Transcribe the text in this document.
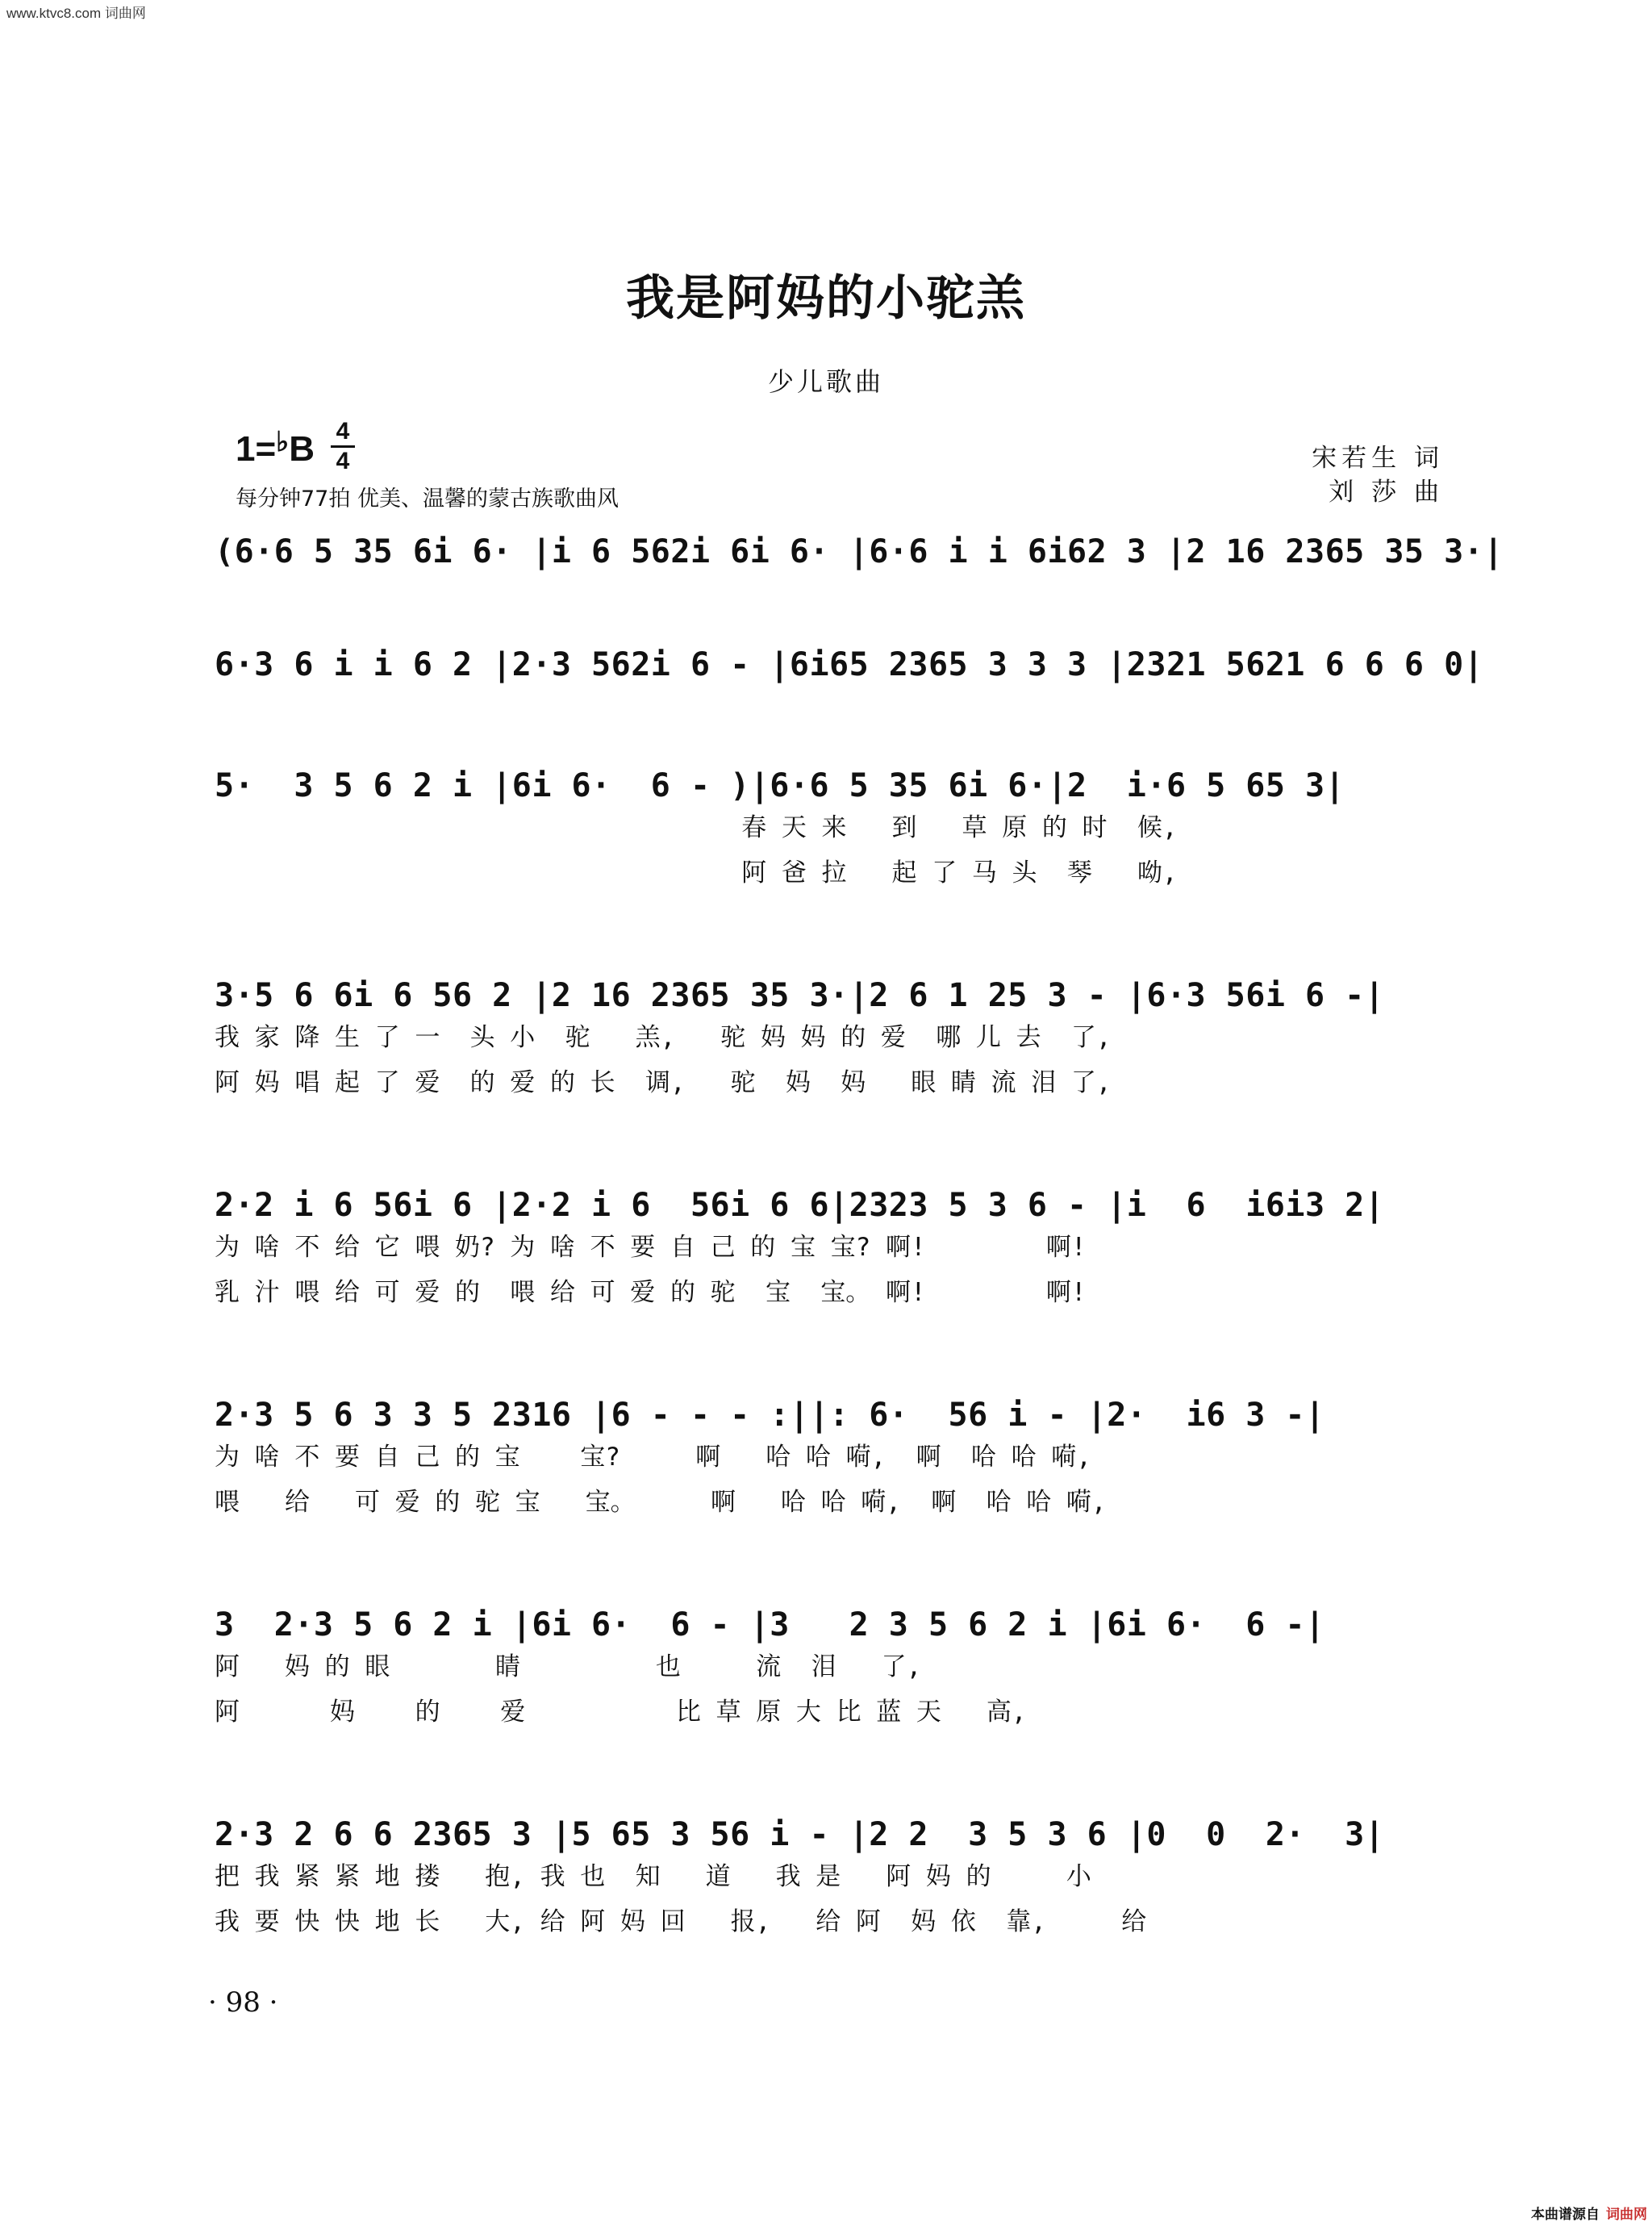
www.ktvc8.com 词曲网
我是阿妈的小驼羔
少儿歌曲
1=♭B 4
4
每分钟77拍 优美、温馨的蒙古族歌曲风
宋若生 词
刘 莎 曲

(6·6 5 35 6i 6· |i 6 562i 6i 6· |6·6 i i 6i62 3 |2 16 2365 35 3·|

6·3 6 i i 6 2 |2·3 562i 6 - |6i65 2365 3 3 3 |2321 5621 6 6 6 0|

5·  3 5 6 2 i |6i 6·  6 - )|6·6 5 35 6i 6·|2  i·6 5 65 3|

春 天 来   到   草 原 的 时  候,

阿 爸 拉   起 了 马 头  琴   呦,

3·5 6 6i 6 56 2 |2 16 2365 35 3·|2 6 1 25 3 - |6·3 56i 6 -|

我 家 降 生 了 一  头 小  驼   羔,   驼 妈 妈 的 爱  哪 儿 去  了,

阿 妈 唱 起 了 爱  的 爱 的 长  调,   驼  妈  妈   眼 睛 流 泪 了,

2·2 i 6 56i 6 |2·2 i 6  56i 6 6|2323 5 3 6 - |i  6  i6i3 2|

为 啥 不 给 它 喂 奶? 为 啥 不 要 自 己 的 宝 宝? 啊!        啊!

乳 汁 喂 给 可 爱 的  喂 给 可 爱 的 驼  宝  宝。 啊!        啊!

2·3 5 6 3 3 5 2316 |6 - - - :||: 6·  56 i - |2·  i6 3 -|

为 啥 不 要 自 己 的 宝    宝?     啊   哈 哈 嗬,  啊  哈 哈 嗬,

喂   给   可 爱 的 驼 宝   宝。     啊   哈 哈 嗬,  啊  哈 哈 嗬,

3  2·3 5 6 2 i |6i 6·  6 - |3   2 3 5 6 2 i |6i 6·  6 -|

阿   妈 的 眼       睛         也     流  泪   了,

阿      妈    的    爱          比 草 原 大 比 蓝 天   高,

2·3 2 6 6 2365 3 |5 65 3 56 i - |2 2  3 5 3 6 |0  0  2·  3|

把 我 紧 紧 地 搂   抱, 我 也  知   道   我 是   阿 妈 的     小

我 要 快 快 地 长   大, 给 阿 妈 回   报,   给 阿  妈 依  靠,     给

· 98 ·
本曲谱源自 词曲网
